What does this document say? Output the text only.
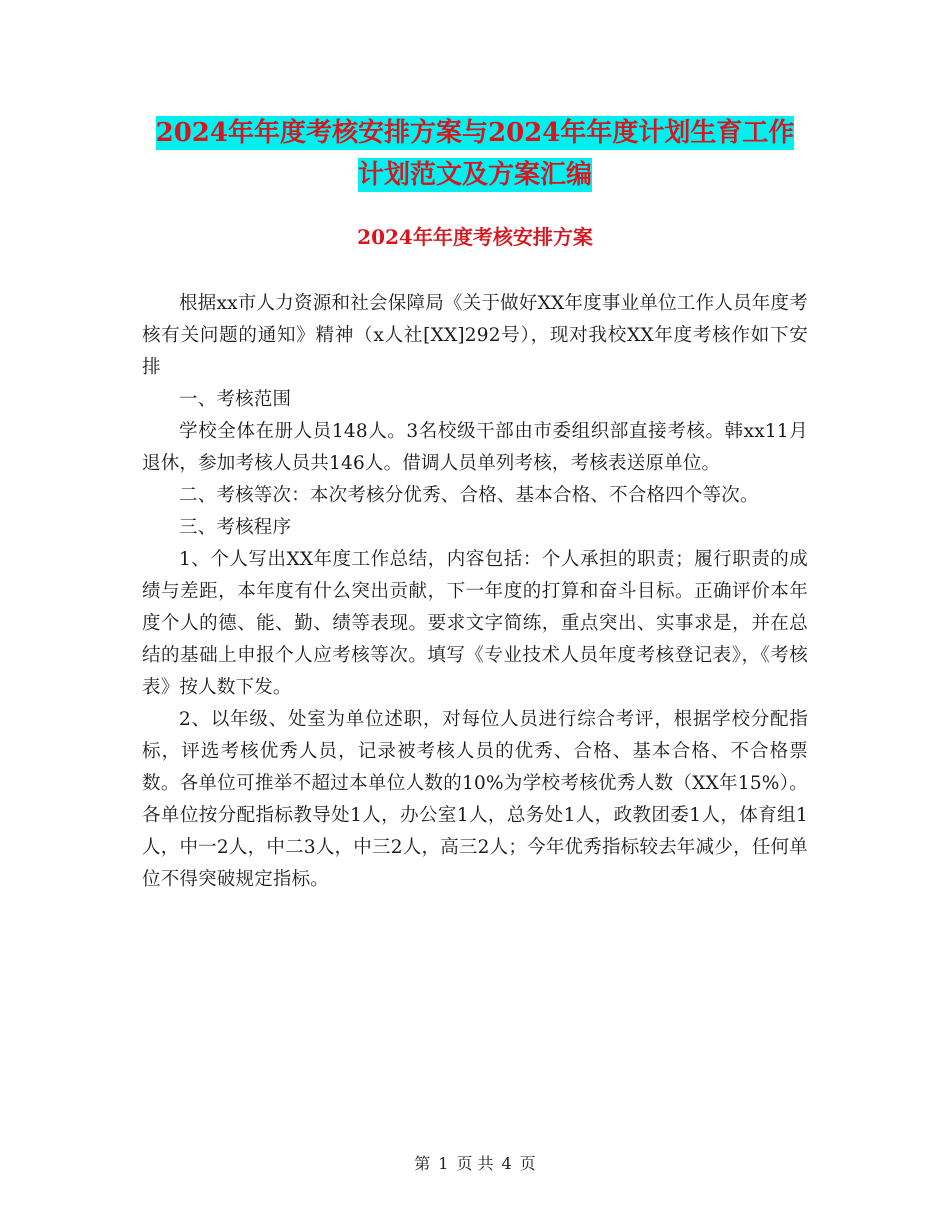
2024年年度考核安排方案与2024年年度计划生育工作
计划范文及方案汇编
2024年年度考核安排方案

根据xx市人力资源和社会保障局《关于做好XX年度事业单位工作人员年度考核有关问题的通知》精神（x人社[XX]292号），现对我校XX年度考核作如下安排

一、考核范围

学校全体在册人员148人。3名校级干部由市委组织部直接考核。韩xx11月退休，参加考核人员共146人。借调人员单列考核，考核表送原单位。

二、考核等次：本次考核分优秀、合格、基本合格、不合格四个等次。

三、考核程序

1、个人写出XX年度工作总结，内容包括：个人承担的职责；履行职责的成绩与差距，本年度有什么突出贡献，下一年度的打算和奋斗目标。正确评价本年度个人的德、能、勤、绩等表现。要求文字简练，重点突出、实事求是，并在总结的基础上申报个人应考核等次。填写《专业技术人员年度考核登记表》，《考核表》按人数下发。

2、以年级、处室为单位述职，对每位人员进行综合考评，根据学校分配指标，评选考核优秀人员，记录被考核人员的优秀、合格、基本合格、不合格票数。各单位可推举不超过本单位人数的10%为学校考核优秀人数（XX年15%）。各单位按分配指标教导处1人，办公室1人，总务处1人，政教团委1人，体育组1人，中一2人，中二3人，中三2人，高三2人；今年优秀指标较去年减少，任何单位不得突破规定指标。

第 1 页 共 4 页
